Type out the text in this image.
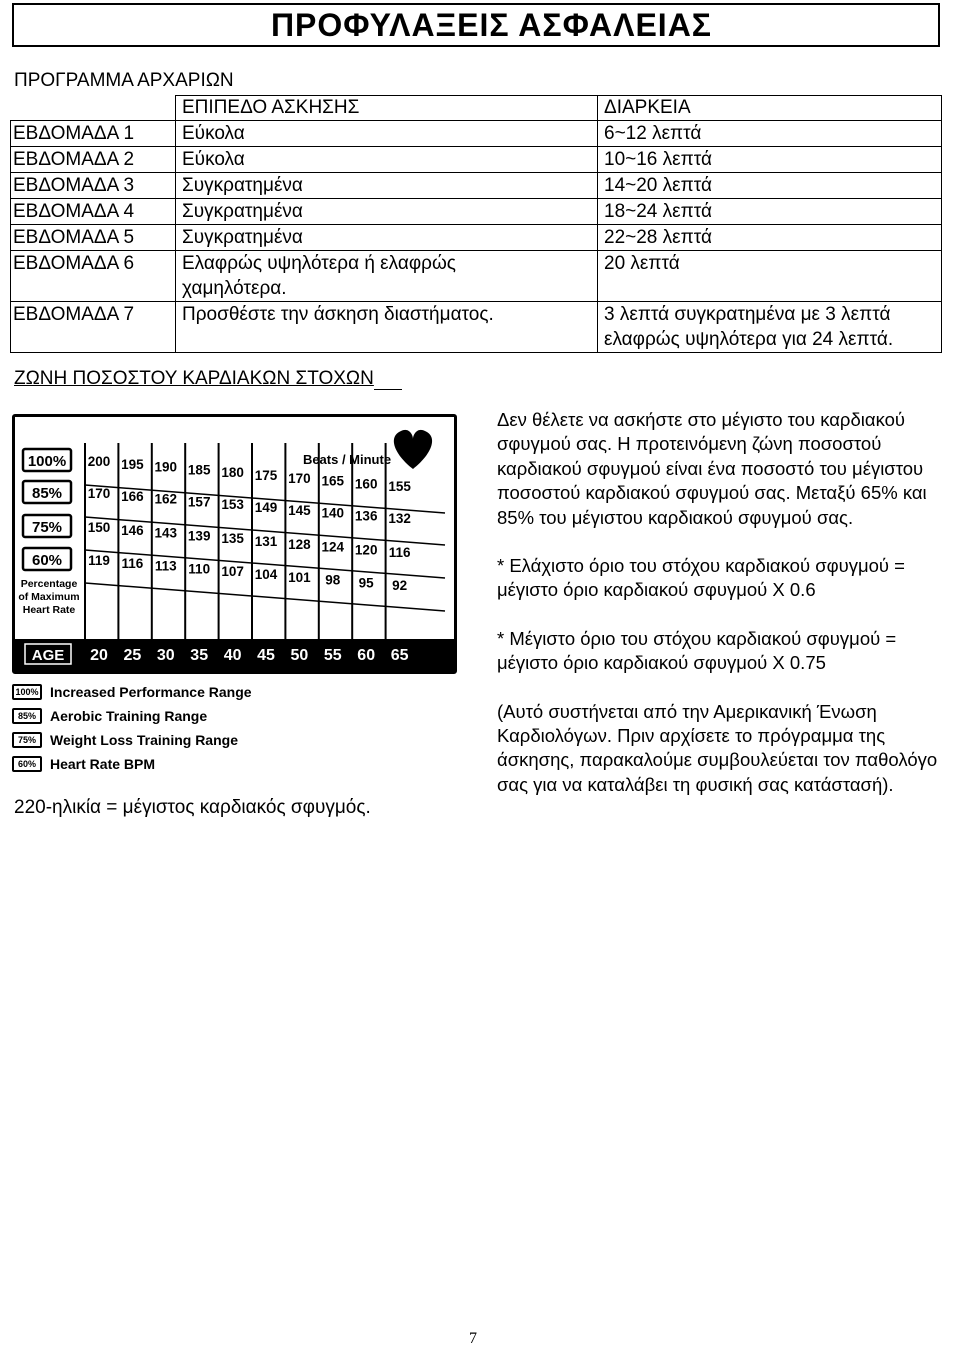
ΠΡΟΦΥΛΑΞΕΙΣ ΑΣΦΑΛΕΙΑΣ
ΠΡΟΓΡΑΜΜΑ ΑΡΧΑΡΙΩΝ
	ΕΠΙΠΕΔΟ ΑΣΚΗΣΗΣ	ΔΙΑΡΚΕΙΑ
ΕΒΔΟΜΑΔΑ 1	Εύκολα	6~12 λεπτά
ΕΒΔΟΜΑΔΑ 2	Εύκολα	10~16 λεπτά
ΕΒΔΟΜΑΔΑ 3	Συγκρατημένα	14~20 λεπτά
ΕΒΔΟΜΑΔΑ 4	Συγκρατημένα	18~24 λεπτά
ΕΒΔΟΜΑΔΑ 5	Συγκρατημένα	22~28 λεπτά
ΕΒΔΟΜΑΔΑ 6	Ελαφρώς υψηλότερα ή ελαφρώς χαμηλότερα.	20 λεπτά
ΕΒΔΟΜΑΔΑ 7	Προσθέστε την άσκηση διαστήματος.	3 λεπτά συγκρατημένα με 3 λεπτά ελαφρώς υψηλότερα για 24 λεπτά.
ΖΩΝΗ ΠΟΣΟΣΤΟΥ ΚΑΡΔΙΑΚΩΝ ΣΤΟΧΩΝ
100%
85%
75%
60%
200 195 190 185 180 175 170 165 160 155
170 166 162 157 153 149 145 140 136 132
150 146 143 139 135 131 128 124 120 116
119 116 113 110 107 104 101 98 95 92
Beats / Minute
Percentage
of Maximum
Heart Rate
AGE 20 25 30 35 40 45 50 55 60 65
100% Increased Performance Range
85%	Aerobic Training Range
75%	Weight Loss Training Range
60%	Heart Rate BPM
220-ηλικία = μέγιστος καρδιακός σφυγμός.

Δεν θέλετε να ασκήστε στο μέγιστο του καρδιακού σφυγμού σας. Η προτεινόμενη ζώνη ποσοστού καρδιακού σφυγμού είναι ένα ποσοστό του μέγιστου ποσοστού καρδιακού σφυγμού σας. Μεταξύ 65% και 85% του μέγιστου καρδιακού σφυγμού σας.

* Ελάχιστο όριο του στόχου καρδιακού σφυγμού = μέγιστο όριο καρδιακού σφυγμού Χ 0.6

* Μέγιστο όριο του στόχου καρδιακού σφυγμού = μέγιστο όριο καρδιακού σφυγμού Χ 0.75

(Αυτό συστήνεται από την Αμερικανική Ένωση Καρδιολόγων. Πριν αρχίσετε το πρόγραμμα της άσκησης, παρακαλούμε συμβουλεύεται τον παθολόγο σας για να καταλάβει τη φυσική σας κατάστασή).

7
